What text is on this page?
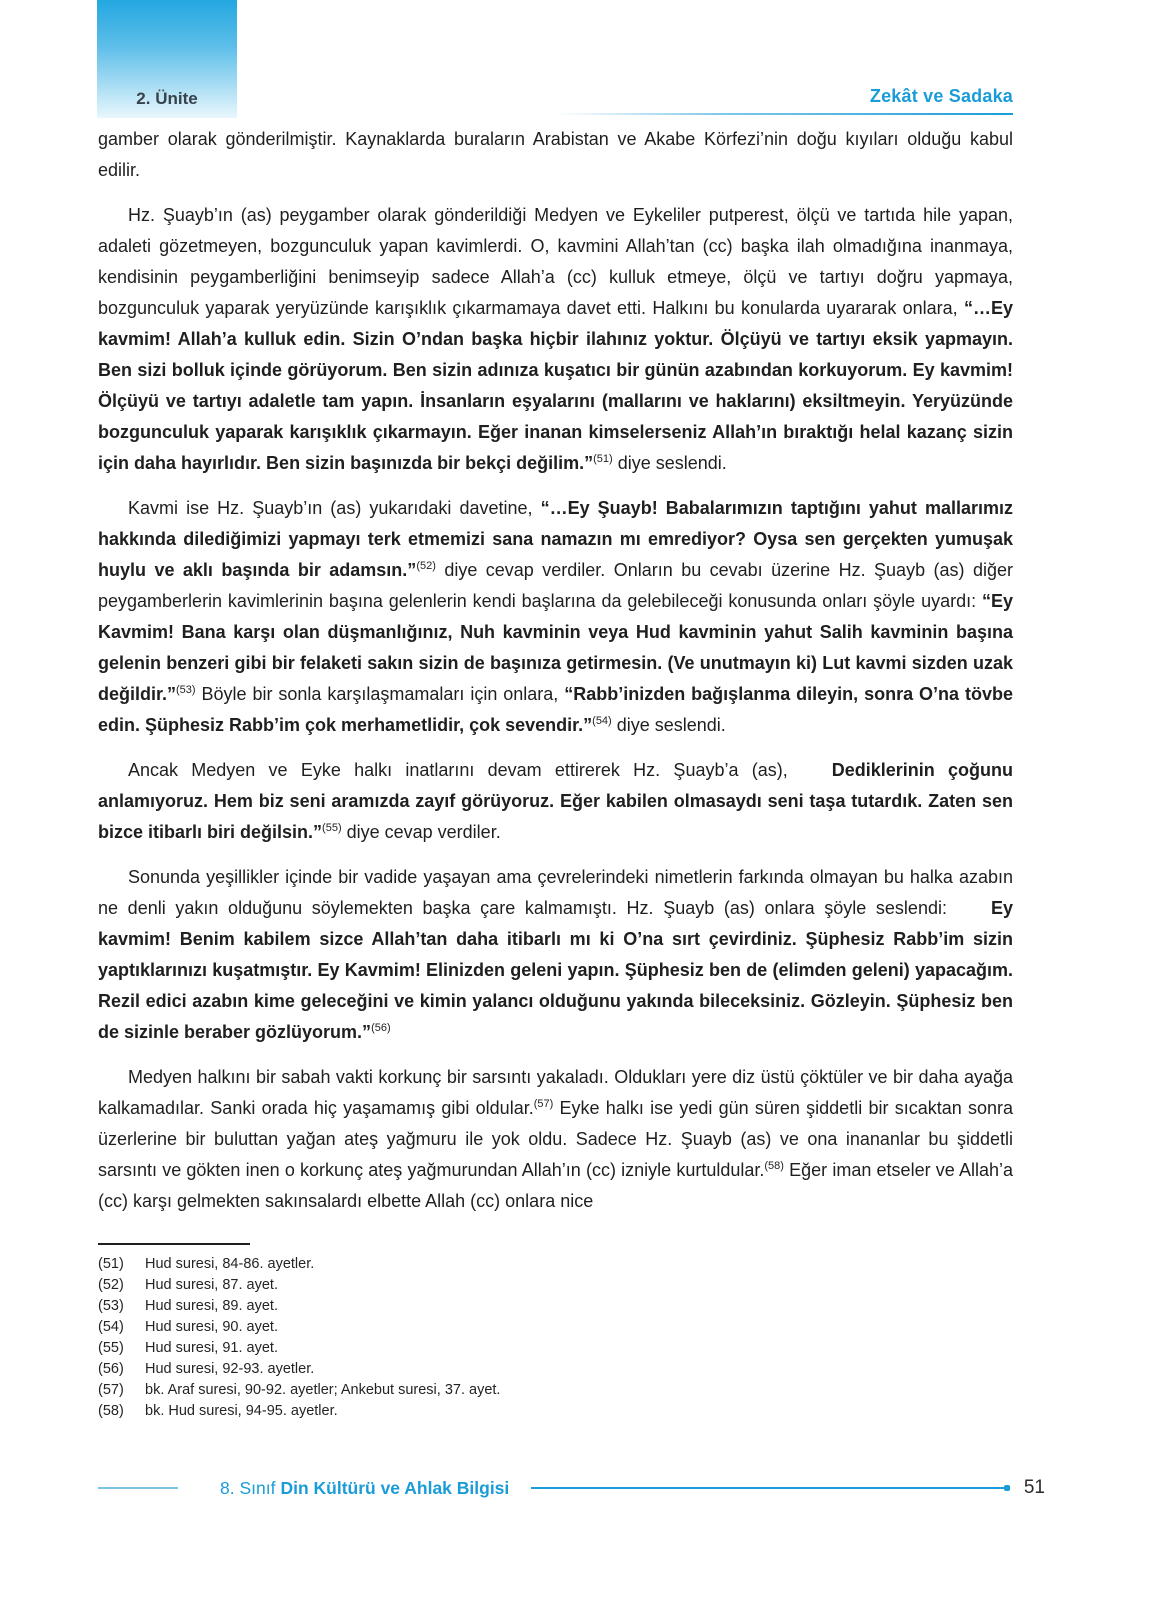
2. Ünite	Zekât ve Sadaka

gamber olarak gönderilmiştir. Kaynaklarda buraların Arabistan ve Akabe Körfezi’nin doğu kıyıları olduğu kabul edilir.

Hz. Şuayb’ın (as) peygamber olarak gönderildiği Medyen ve Eykeliler putperest, ölçü ve tartıda hile yapan, adaleti gözetmeyen, bozgunculuk yapan kavimlerdi. O, kavmini Allah’tan (cc) başka ilah olmadığına inanmaya, kendisinin peygamberliğini benimseyip sadece Allah’a (cc) kulluk etmeye, ölçü ve tartıyı doğru yapmaya, bozgunculuk yaparak yeryüzünde karışıklık çıkarmamaya davet etti. Halkını bu konularda uyararak onlara, “…Ey kavmim! Allah’a kulluk edin. Sizin O’ndan başka hiçbir ilahınız yoktur. Ölçüyü ve tartıyı eksik yapmayın. Ben sizi bolluk içinde görüyorum. Ben sizin adınıza kuşatıcı bir günün azabından korkuyorum. Ey kavmim! Ölçüyü ve tartıyı adaletle tam yapın. İnsanların eşyalarını (mallarını ve haklarını) eksiltmeyin. Yeryüzünde bozgunculuk yaparak karışıklık çıkarmayın. Eğer inanan kimselerseniz Allah’ın bıraktığı helal kazanç sizin için daha hayırlıdır. Ben sizin başınızda bir bekçi değilim.”$^{(51)}$ diye seslendi.

Kavmi ise Hz. Şuayb’ın (as) yukarıdaki davetine, “…Ey Şuayb! Babalarımızın taptığını yahut mallarımız hakkında dilediğimizi yapmayı terk etmemizi sana namazın mı emrediyor? Oysa sen gerçekten yumuşak huylu ve aklı başında bir adamsın.”$^{(52)}$ diye cevap verdiler. Onların bu cevabı üzerine Hz. Şuayb (as) diğer peygamberlerin kavimlerinin başına gelenlerin kendi başlarına da gelebileceği konusunda onları şöyle uyardı: “Ey Kavmim! Bana karşı olan düşmanlığınız, Nuh kavminin veya Hud kavminin yahut Salih kavminin başına gelenin benzeri gibi bir felaketi sakın sizin de başınıza getirmesin. (Ve unutmayın ki) Lut kavmi sizden uzak değildir.”$^{(53)}$ Böyle bir sonla karşılaşmamaları için onlara, “Rabb’inizden bağışlanma dileyin, sonra O’na tövbe edin. Şüphesiz Rabb’im çok merhametlidir, çok sevendir.”$^{(54)}$ diye seslendi.

Ancak Medyen ve Eyke halkı inatlarını devam ettirerek Hz. Şuayb’a (as), Dediklerinin çoğunu anlamıyoruz. Hem biz seni aramızda zayıf görüyoruz. Eğer kabilen olmasaydı seni taşa tutardık. Zaten sen bizce itibarlı biri değilsin.”$^{(55)}$ diye cevap verdiler.

Sonunda yeşillikler içinde bir vadide yaşayan ama çevrelerindeki nimetlerin farkında olmayan bu halka azabın ne denli yakın olduğunu söylemekten başka çare kalmamıştı. Hz. Şuayb (as) onlara şöyle seslendi: Ey kavmim! Benim kabilem sizce Allah’tan daha itibarlı mı ki O’na sırt çevirdiniz. Şüphesiz Rabb’im sizin yaptıklarınızı kuşatmıştır. Ey Kavmim! Elinizden geleni yapın. Şüphesiz ben de (elimden geleni) yapacağım. Rezil edici azabın kime geleceğini ve kimin yalancı olduğunu yakında bileceksiniz. Gözleyin. Şüphesiz ben de sizinle beraber gözlüyorum.”$^{(56)}$

Medyen halkını bir sabah vakti korkunç bir sarsıntı yakaladı. Oldukları yere diz üstü çöktüler ve bir daha ayağa kalkamadılar. Sanki orada hiç yaşamamış gibi oldular.$^{(57)}$ Eyke halkı ise yedi gün süren şiddetli bir sıcaktan sonra üzerlerine bir buluttan yağan ateş yağmuru ile yok oldu. Sadece Hz. Şuayb (as) ve ona inananlar bu şiddetli sarsıntı ve gökten inen o korkunç ateş yağmurundan Allah’ın (cc) izniyle kurtuldular.$^{(58)}$ Eğer iman etseler ve Allah’a (cc) karşı gelmekten sakınsalardı elbette Allah (cc) onlara nice

(51)	Hud suresi, 84-86. ayetler.
(52)	Hud suresi, 87. ayet.
(53)	Hud suresi, 89. ayet.
(54)	Hud suresi, 90. ayet.
(55)	Hud suresi, 91. ayet.
(56)	Hud suresi, 92-93. ayetler.
(57)	bk. Araf suresi, 90-92. ayetler; Ankebut suresi, 37. ayet.
(58)	bk. Hud suresi, 94-95. ayetler.
8. Sınıf Din Kültürü ve Ahlak Bilgisi	51
